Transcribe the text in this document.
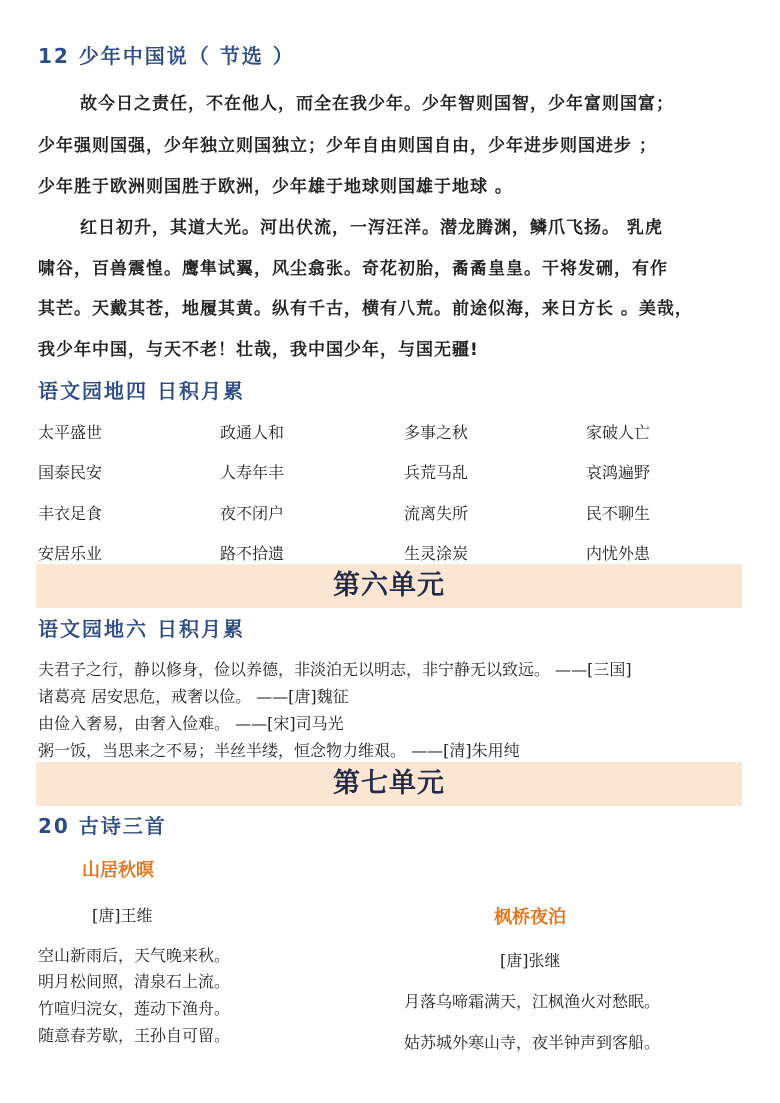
12 少年中国说（ 节选 ）
故今日之责任，不在他人，而全在我少年。少年智则国智，少年富则国富；
少年强则国强，少年独立则国独立；少年自由则国自由，少年进步则国进步 ；
少年胜于欧洲则国胜于欧洲，少年雄于地球则国雄于地球 。
红日初升，其道大光。河出伏流，一泻汪洋。潜龙腾渊，鳞爪飞扬。 乳虎
啸谷，百兽震惶。鹰隼试翼，风尘翕张。奇花初胎，矞矞皇皇。干将发硎，有作
其芒。天戴其苍，地履其黄。纵有千古，横有八荒。前途似海，来日方长 。美哉，
我少年中国，与天不老！壮哉，我中国少年，与国无疆!
语文园地四 日积月累
太平盛世	政通人和	多事之秋	家破人亡
国泰民安	人寿年丰	兵荒马乱	哀鸿遍野
丰衣足食	夜不闭户	流离失所	民不聊生
安居乐业	路不拾遗	生灵涂炭	内忧外患
第六单元
语文园地六 日积月累
夫君子之行，静以修身，俭以养德，非淡泊无以明志，非宁静无以致远。 ——[三国]
诸葛亮 居安思危，戒奢以俭。 ——[唐]魏征
由俭入奢易，由奢入俭难。 ——[宋]司马光
粥一饭，当思来之不易；半丝半缕，恒念物力维艰。 ——[清]朱用纯
第七单元
20 古诗三首
山居秋暝
[唐]王维
空山新雨后，天气晚来秋。
明月松间照，清泉石上流。
竹喧归浣女，莲动下渔舟。
随意春芳歇，王孙自可留。
枫桥夜泊
[唐]张继
月落乌啼霜满天，江枫渔火对愁眠。
姑苏城外寒山寺，夜半钟声到客船。
